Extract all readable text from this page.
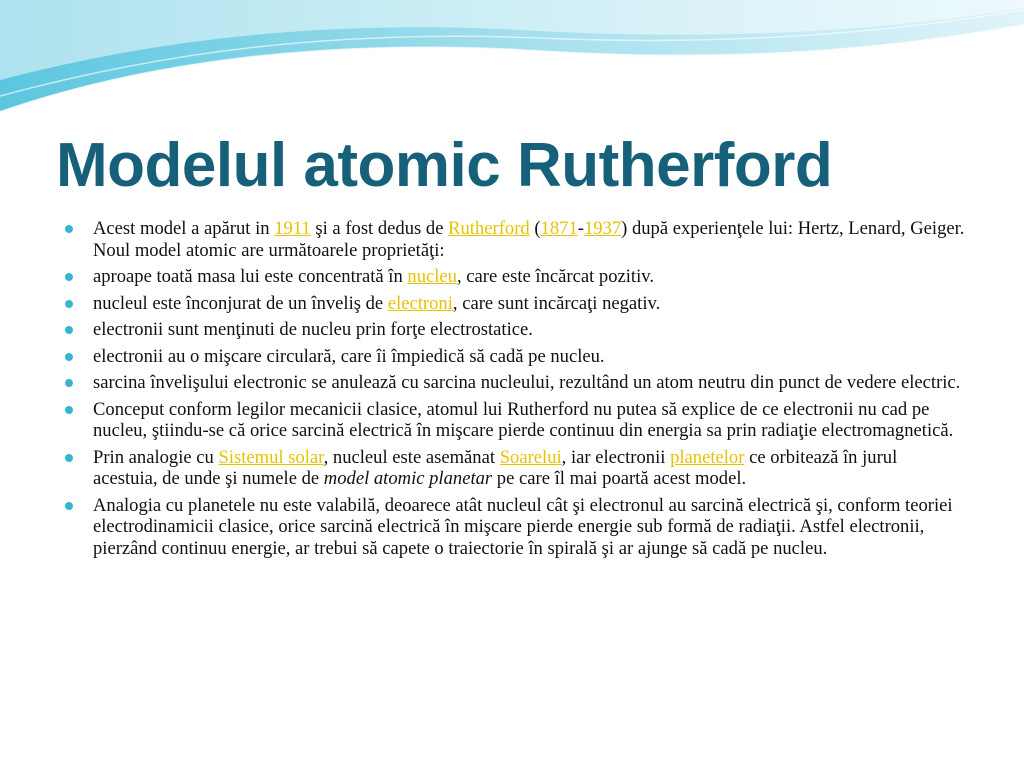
Modelul atomic Rutherford
Acest model a apărut in 1911 şi a fost dedus de Rutherford (1871-1937) după experienţele lui: Hertz, Lenard, Geiger. Noul model atomic are următoarele proprietăţi:
aproape toată masa lui este concentrată în nucleu, care este încărcat pozitiv.
nucleul este înconjurat de un înveliş de electroni, care sunt incărcaţi negativ.
electronii sunt menţinuti de nucleu prin forţe electrostatice.
electronii au o mişcare circulară, care îi împiedică să cadă pe nucleu.
sarcina învelişului electronic se anulează cu sarcina nucleului, rezultând un atom neutru din punct de vedere electric.
Conceput conform legilor mecanicii clasice, atomul lui Rutherford nu putea să explice de ce electronii nu cad pe nucleu, ştiindu-se că orice sarcină electrică în mişcare pierde continuu din energia sa prin radiaţie electromagnetică.
Prin analogie cu Sistemul solar, nucleul este asemănat Soarelui, iar electronii planetelor ce orbitează în jurul acestuia, de unde şi numele de model atomic planetar pe care îl mai poartă acest model.
Analogia cu planetele nu este valabilă, deoarece atât nucleul cât şi electronul au sarcină electrică şi, conform teoriei electrodinamicii clasice, orice sarcină electrică în mişcare pierde energie sub formă de radiaţii. Astfel electronii, pierzând continuu energie, ar trebui să capete o traiectorie în spirală şi ar ajunge să cadă pe nucleu.
